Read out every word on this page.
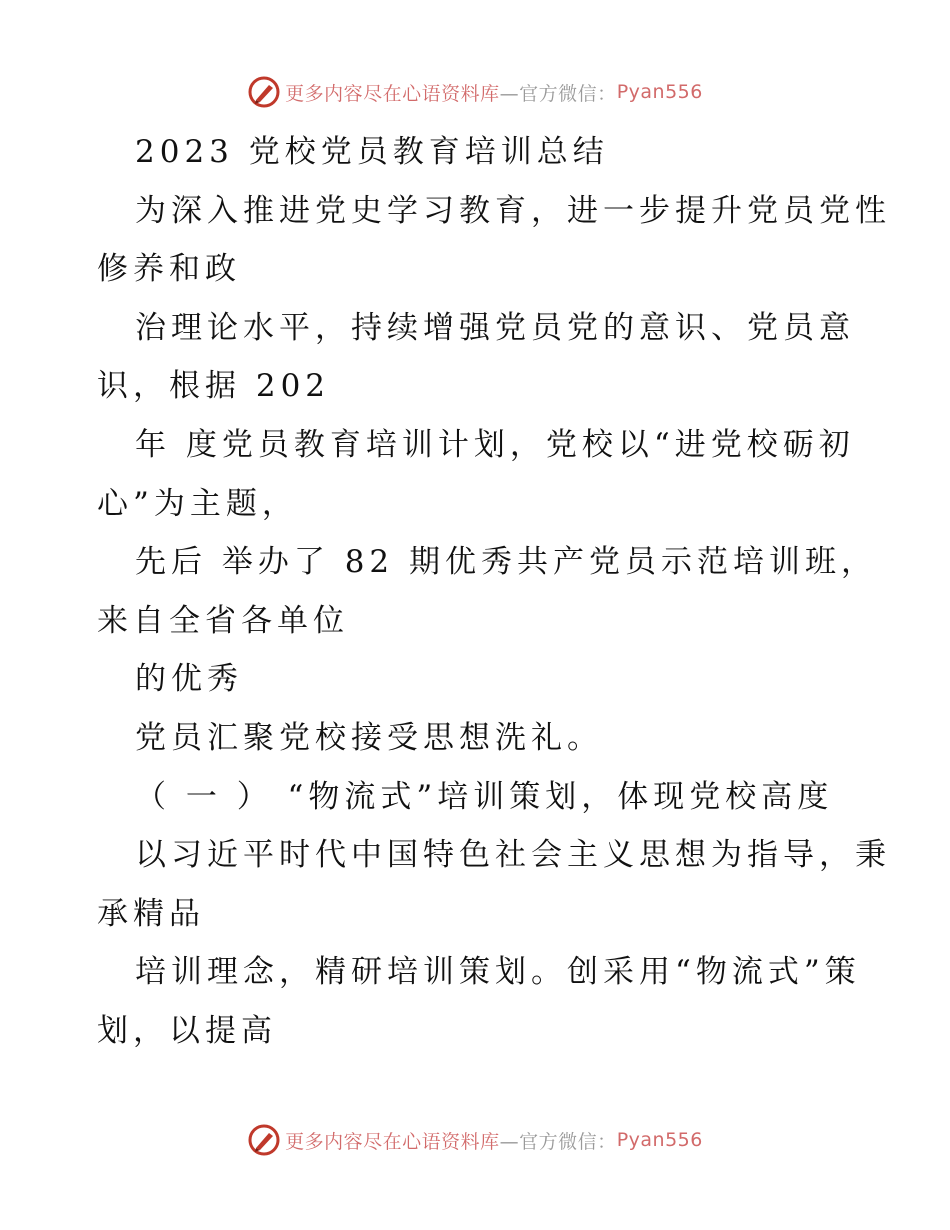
更多内容尽在心语资料库 —官方微信： Pyan556
2023 党校党员教育培训总结
为深入推进党史学习教育，进一步提升党员党性
修养和政
治理论水平，持续增强党员党的意识、党员意
识，根据 202
年 度党员教育培训计划，党校以“进党校砺初
心”为主题，
先后 举办了 82 期优秀共产党员示范培训班，
来自全省各单位
的优秀
党员汇聚党校接受思想洗礼。
（ 一 ） “物流式”培训策划，体现党校高度
以习近平时代中国特色社会主义思想为指导，秉
承精品
培训理念，精研培训策划。创采用“物流式”策
划，以提高
更多内容尽在心语资料库 —官方微信： Pyan556
